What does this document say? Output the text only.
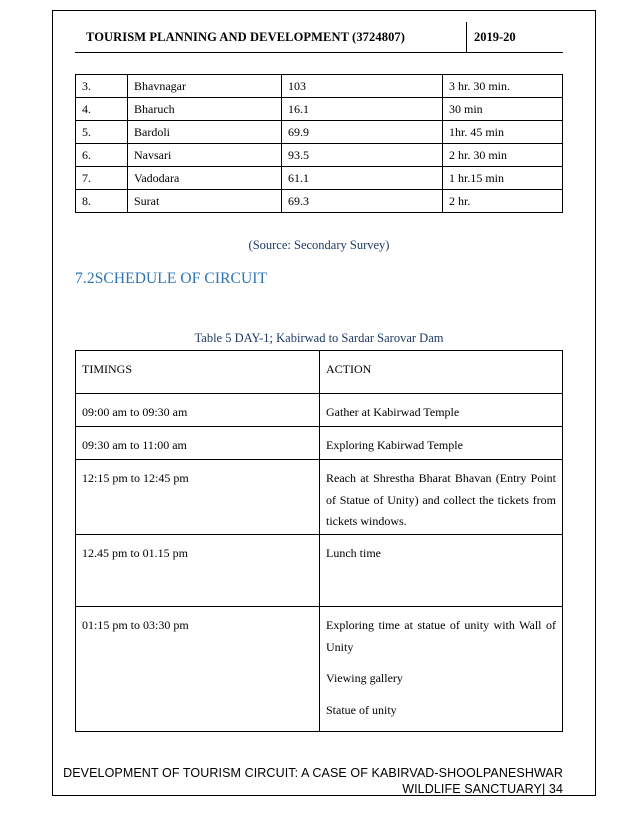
TOURISM PLANNING AND DEVELOPMENT (3724807)	2019-20
3.	Bhavnagar	103	3 hr. 30 min.
4.	Bharuch	16.1	30 min
5.	Bardoli	69.9	1hr. 45 min
6.	Navsari	93.5	2 hr. 30 min
7.	Vadodara	61.1	1 hr.15 min
8.	Surat	69.3	2 hr.
(Source: Secondary Survey)
7.2SCHEDULE OF CIRCUIT
Table 5 DAY-1; Kabirwad to Sardar Sarovar Dam
TIMINGS	ACTION
09:00 am to 09:30 am	Gather at Kabirwad Temple

09:30 am to 11:00 am	Exploring Kabirwad Temple

12:15 pm to 12:45 pm	Reach at Shrestha Bharat Bhavan (Entry Point of Statue of Unity) and collect the tickets from tickets windows.

12.45 pm to 01.15 pm	Lunch time

01:15 pm to 03:30 pm	Exploring time at statue of unity with Wall of Unity
Viewing gallery
Statue of unity
DEVELOPMENT OF TOURISM CIRCUIT: A CASE OF KABIRVAD-SHOOLPANESHWAR
WILDLIFE SANCTUARY| 34
